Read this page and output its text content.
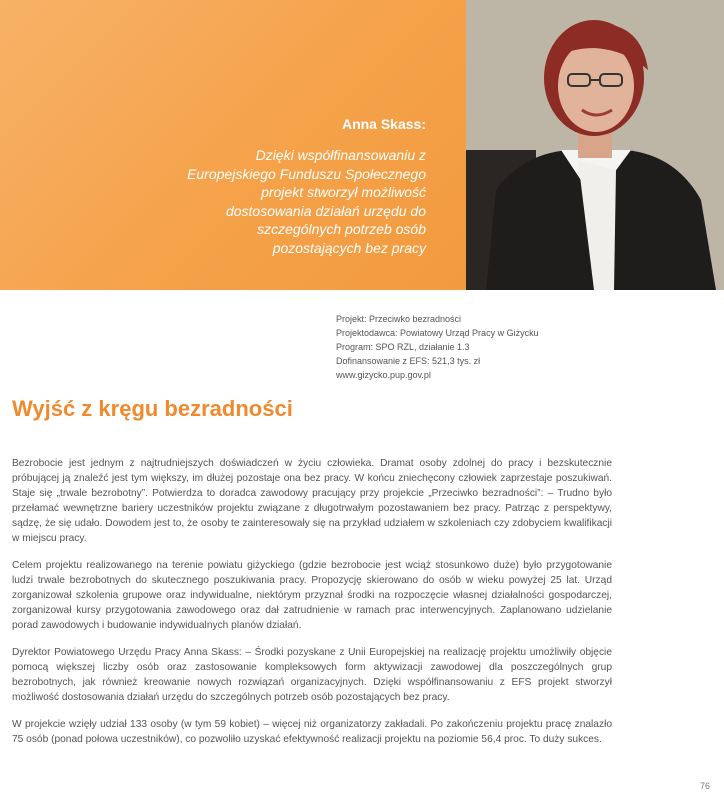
Anna Skass:
Dzięki współfinansowaniu z Europejskiego Funduszu Społecznego projekt stworzył możliwość dostosowania działań urzędu do szczególnych potrzeb osób pozostających bez pracy
Projekt: Przeciwko bezradności
Projektodawca: Powiatowy Urząd Pracy w Giżycku
Program: SPO RZL, działanie 1.3
Dofinansowanie z EFS: 521,3 tys. zł
www.gizycko.pup.gov.pl
Wyjść z kręgu bezradności

Bezrobocie jest jednym z najtrudniejszych doświadczeń w życiu człowieka. Dramat osoby zdolnej do pracy i bezskutecznie próbującej ją znaleźć jest tym większy, im dłużej pozostaje ona bez pracy. W końcu zniechęcony człowiek zaprzestaje poszukiwań. Staje się „trwale bezrobotny”. Potwierdza to doradca zawodowy pracujący przy projekcie „Przeciwko bezradności”: – Trudno było przełamać wewnętrzne bariery uczestników projektu związane z długotrwałym pozostawaniem bez pracy. Patrząc z perspektywy, sądzę, że się udało. Dowodem jest to, że osoby te zainteresowały się na przykład udziałem w szkoleniach czy zdobyciem kwalifikacji w miejscu pracy.

Celem projektu realizowanego na terenie powiatu giżyckiego (gdzie bezrobocie jest wciąż stosunkowo duże) było przygotowanie ludzi trwale bezrobotnych do skutecznego poszukiwania pracy. Propozycję skierowano do osób w wieku powyżej 25 lat. Urząd zorganizował szkolenia grupowe oraz indywidualne, niektórym przyznał środki na rozpoczęcie własnej działalności gospodarczej, zorganizował kursy przygotowania zawodowego oraz dał zatrudnienie w ramach prac interwencyjnych. Zaplanowano udzielanie porad zawodowych i budowanie indywidualnych planów działań.

Dyrektor Powiatowego Urzędu Pracy Anna Skass: – Środki pozyskane z Unii Europejskiej na realizację projektu umożliwiły objęcie pomocą większej liczby osób oraz zastosowanie kompleksowych form aktywizacji zawodowej dla poszczególnych grup bezrobotnych, jak również kreowanie nowych rozwiązań organizacyjnych. Dzięki współfinansowaniu z EFS projekt stworzył możliwość dostosowania działań urzędu do szczególnych potrzeb osób pozostających bez pracy.

W projekcie wzięły udział 133 osoby (w tym 59 kobiet) – więcej niż organizatorzy zakładali. Po zakończeniu projektu pracę znalazło 75 osób (ponad połowa uczestników), co pozwoliło uzyskać efektywność realizacji projektu na poziomie 56,4 proc. To duży sukces.

76
